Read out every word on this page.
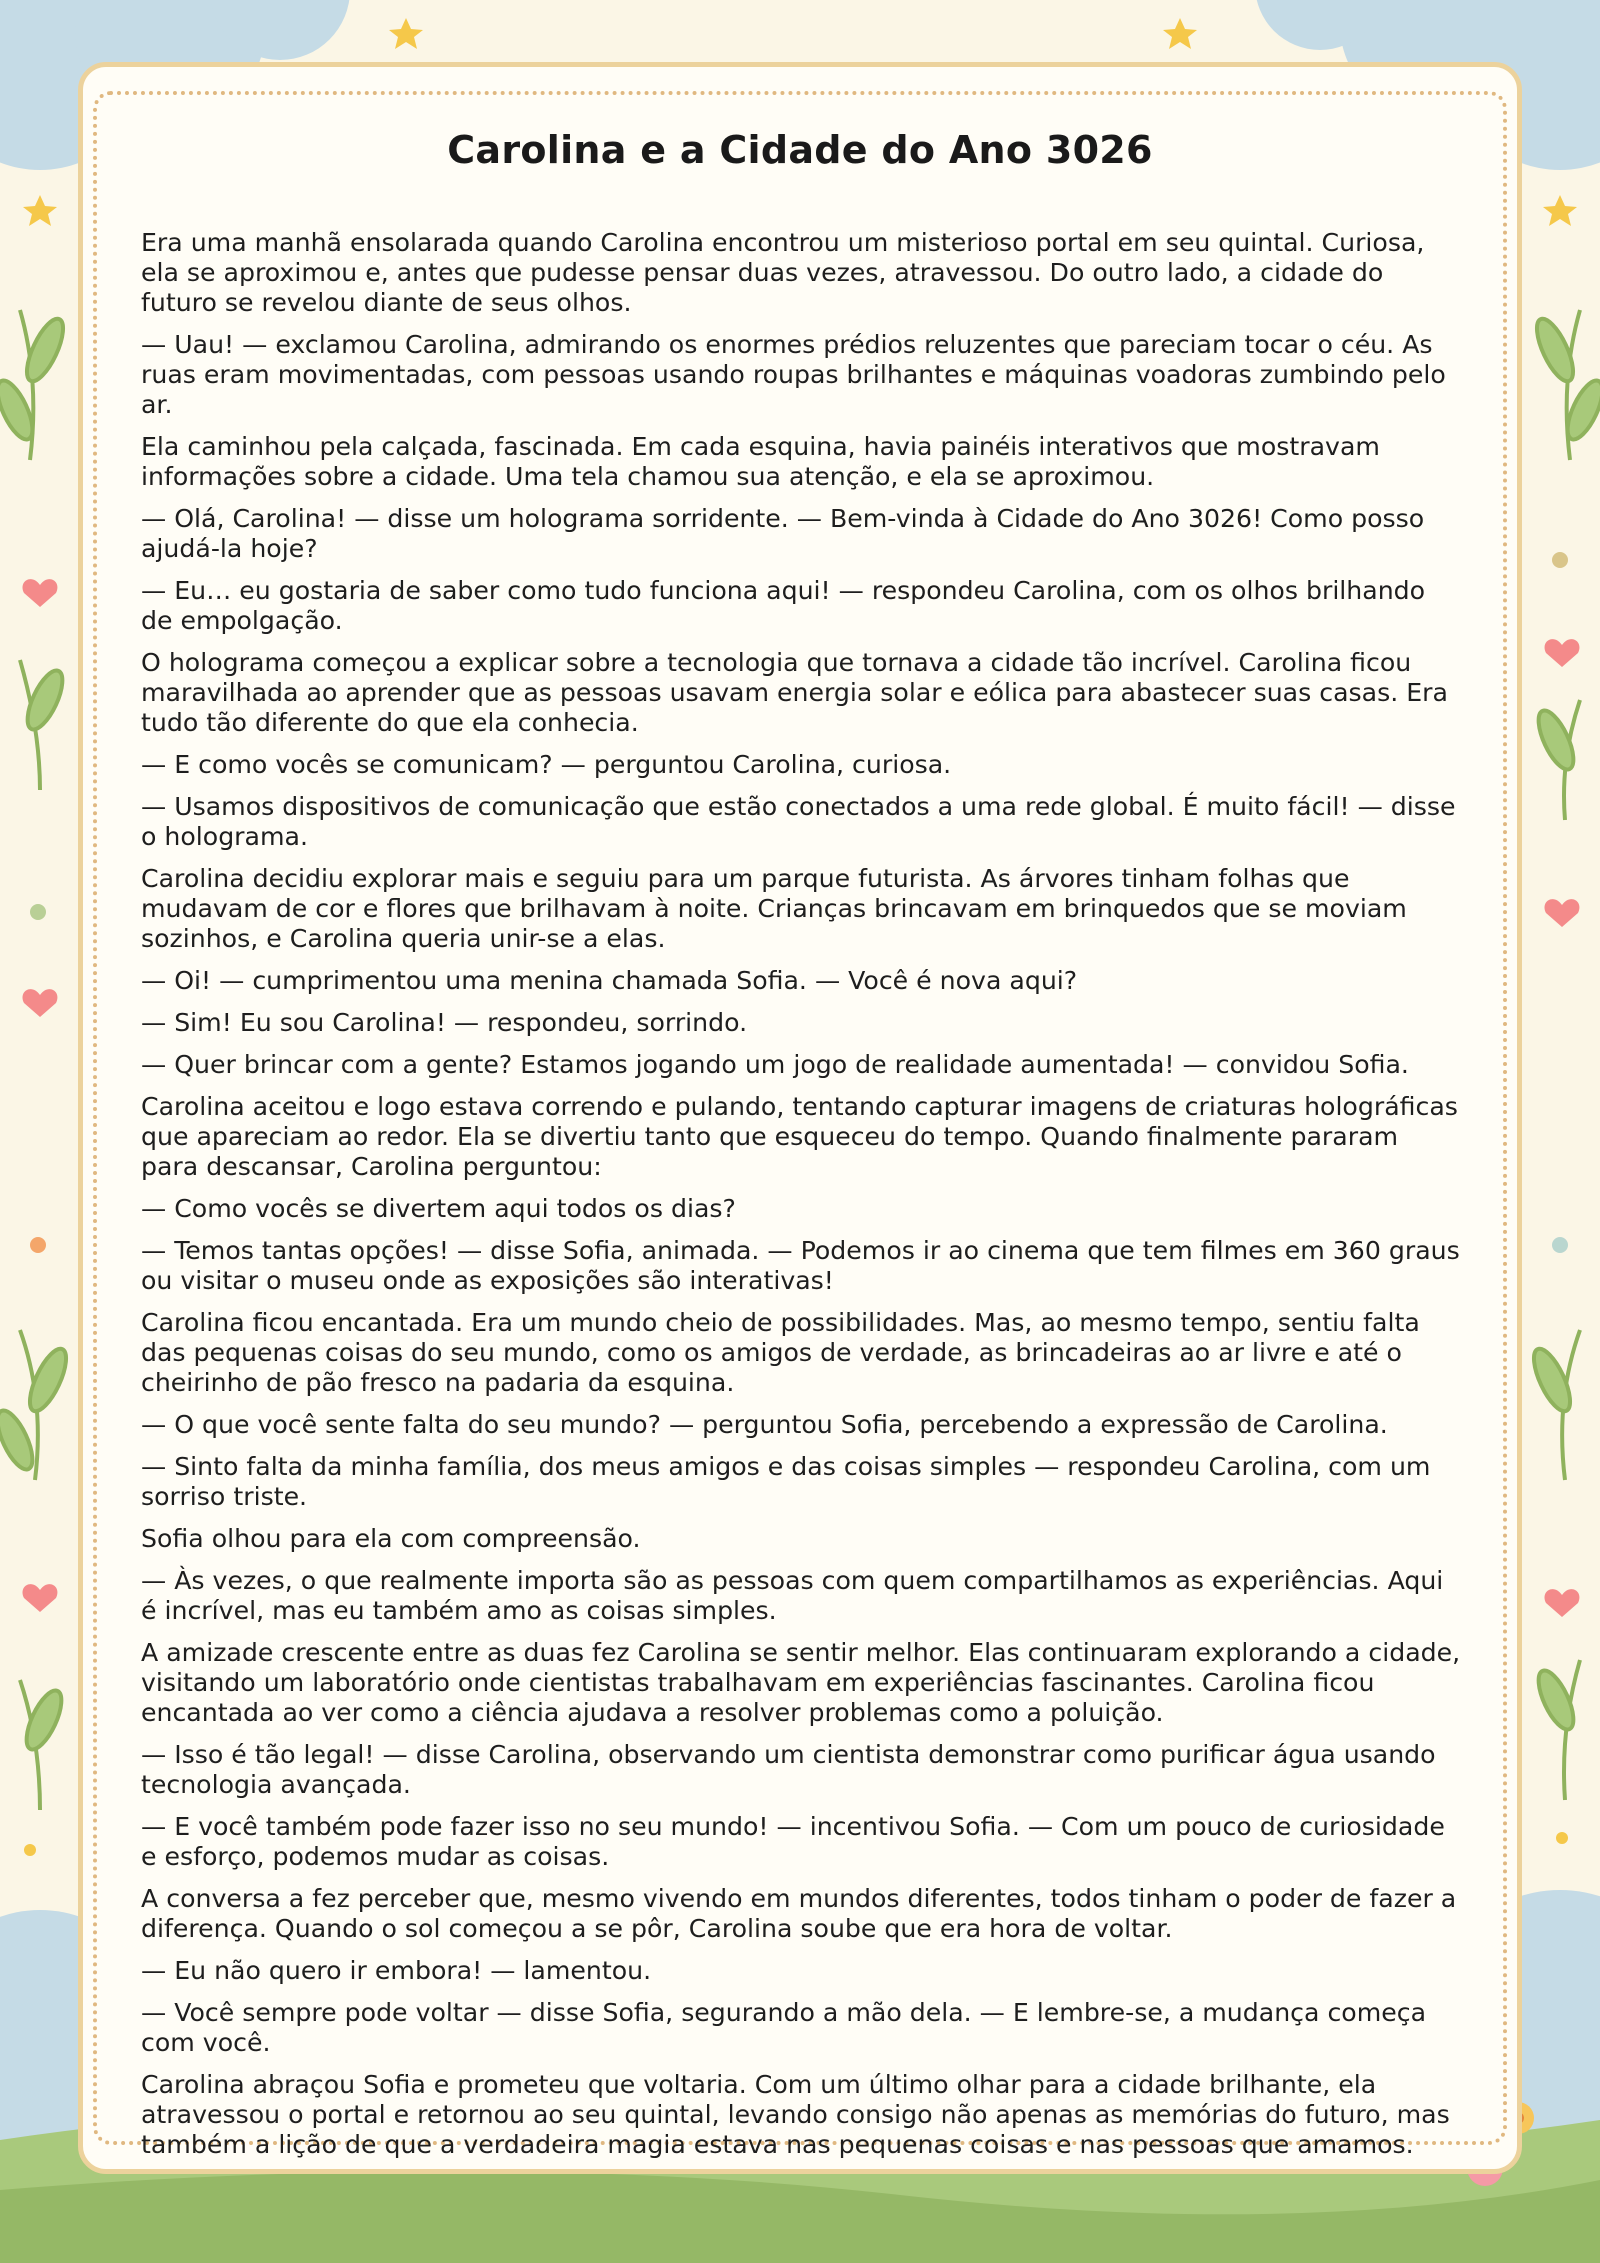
Carolina e a Cidade do Ano 3026

Era uma manhã ensolarada quando Carolina encontrou um misterioso portal em seu quintal. Curiosa, ela se aproximou e, antes que pudesse pensar duas vezes, atravessou. Do outro lado, a cidade do futuro se revelou diante de seus olhos.

— Uau! — exclamou Carolina, admirando os enormes prédios reluzentes que pareciam tocar o céu. As ruas eram movimentadas, com pessoas usando roupas brilhantes e máquinas voadoras zumbindo pelo ar.

Ela caminhou pela calçada, fascinada. Em cada esquina, havia painéis interativos que mostravam informações sobre a cidade. Uma tela chamou sua atenção, e ela se aproximou.

— Olá, Carolina! — disse um holograma sorridente. — Bem-vinda à Cidade do Ano 3026! Como posso ajudá-la hoje?

— Eu… eu gostaria de saber como tudo funciona aqui! — respondeu Carolina, com os olhos brilhando de empolgação.

O holograma começou a explicar sobre a tecnologia que tornava a cidade tão incrível. Carolina ficou maravilhada ao aprender que as pessoas usavam energia solar e eólica para abastecer suas casas. Era tudo tão diferente do que ela conhecia.

— E como vocês se comunicam? — perguntou Carolina, curiosa.

— Usamos dispositivos de comunicação que estão conectados a uma rede global. É muito fácil! — disse o holograma.

Carolina decidiu explorar mais e seguiu para um parque futurista. As árvores tinham folhas que mudavam de cor e flores que brilhavam à noite. Crianças brincavam em brinquedos que se moviam sozinhos, e Carolina queria unir-se a elas.

— Oi! — cumprimentou uma menina chamada Sofia. — Você é nova aqui?

— Sim! Eu sou Carolina! — respondeu, sorrindo.

— Quer brincar com a gente? Estamos jogando um jogo de realidade aumentada! — convidou Sofia.

Carolina aceitou e logo estava correndo e pulando, tentando capturar imagens de criaturas holográficas que apareciam ao redor. Ela se divertiu tanto que esqueceu do tempo. Quando finalmente pararam para descansar, Carolina perguntou:

— Como vocês se divertem aqui todos os dias?

— Temos tantas opções! — disse Sofia, animada. — Podemos ir ao cinema que tem filmes em 360 graus ou visitar o museu onde as exposições são interativas!

Carolina ficou encantada. Era um mundo cheio de possibilidades. Mas, ao mesmo tempo, sentiu falta das pequenas coisas do seu mundo, como os amigos de verdade, as brincadeiras ao ar livre e até o cheirinho de pão fresco na padaria da esquina.

— O que você sente falta do seu mundo? — perguntou Sofia, percebendo a expressão de Carolina.

— Sinto falta da minha família, dos meus amigos e das coisas simples — respondeu Carolina, com um sorriso triste.

Sofia olhou para ela com compreensão.

— Às vezes, o que realmente importa são as pessoas com quem compartilhamos as experiências. Aqui é incrível, mas eu também amo as coisas simples.

A amizade crescente entre as duas fez Carolina se sentir melhor. Elas continuaram explorando a cidade, visitando um laboratório onde cientistas trabalhavam em experiências fascinantes. Carolina ficou encantada ao ver como a ciência ajudava a resolver problemas como a poluição.

— Isso é tão legal! — disse Carolina, observando um cientista demonstrar como purificar água usando tecnologia avançada.

— E você também pode fazer isso no seu mundo! — incentivou Sofia. — Com um pouco de curiosidade e esforço, podemos mudar as coisas.

A conversa a fez perceber que, mesmo vivendo em mundos diferentes, todos tinham o poder de fazer a diferença. Quando o sol começou a se pôr, Carolina soube que era hora de voltar.

— Eu não quero ir embora! — lamentou.

— Você sempre pode voltar — disse Sofia, segurando a mão dela. — E lembre-se, a mudança começa com você.

Carolina abraçou Sofia e prometeu que voltaria. Com um último olhar para a cidade brilhante, ela atravessou o portal e retornou ao seu quintal, levando consigo não apenas as memórias do futuro, mas também a lição de que a verdadeira magia estava nas pequenas coisas e nas pessoas que amamos.
